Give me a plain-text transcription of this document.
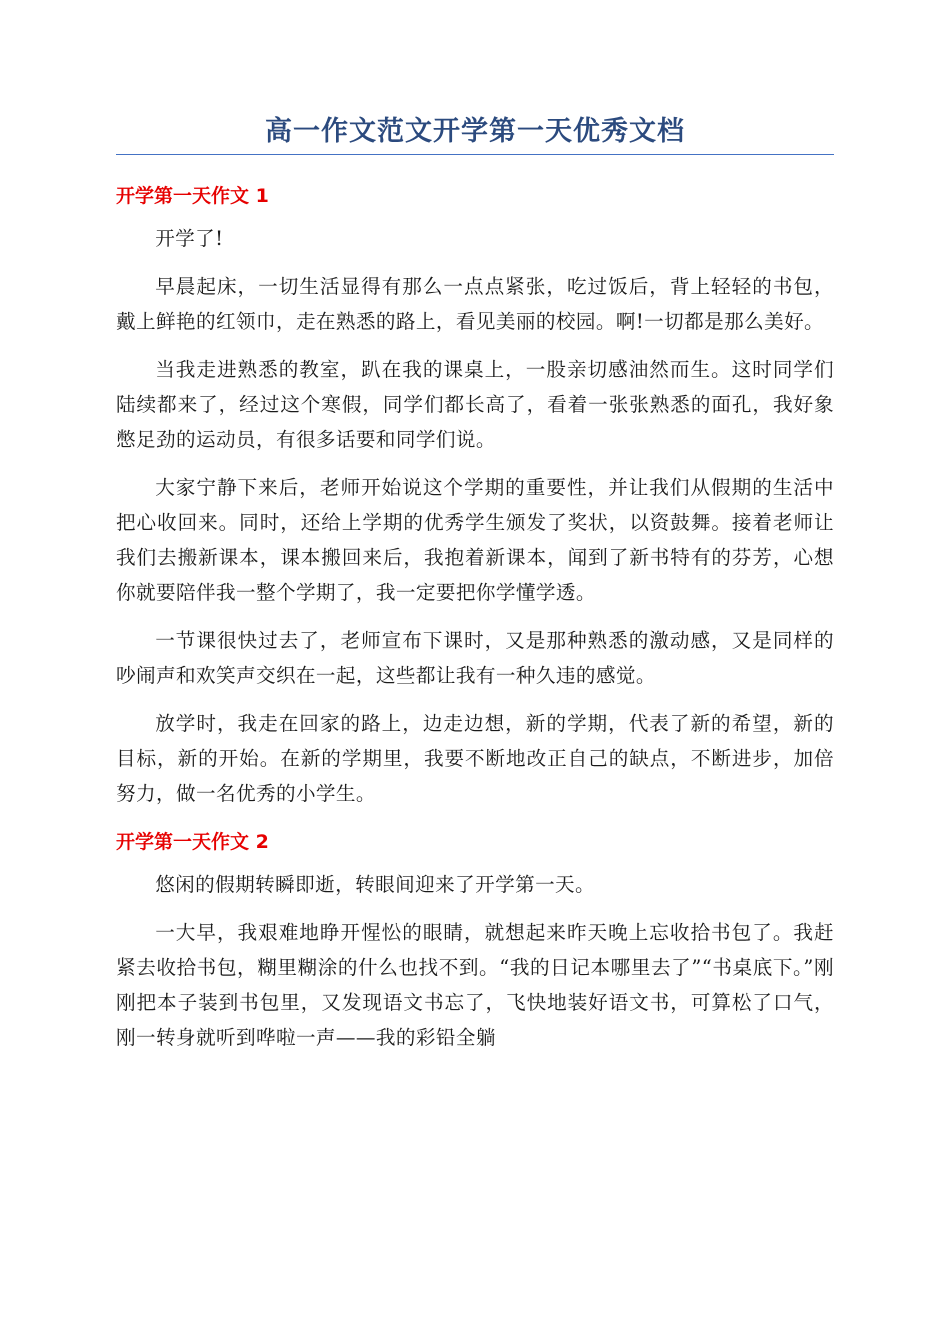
高一作文范文开学第一天优秀文档
开学第一天作文 1

开学了!

早晨起床，一切生活显得有那么一点点紧张，吃过饭后，背上轻轻的书包，戴上鲜艳的红领巾，走在熟悉的路上，看见美丽的校园。啊!一切都是那么美好。

当我走进熟悉的教室，趴在我的课桌上，一股亲切感油然而生。这时同学们陆续都来了，经过这个寒假，同学们都长高了，看着一张张熟悉的面孔，我好象憋足劲的运动员，有很多话要和同学们说。

大家宁静下来后，老师开始说这个学期的重要性，并让我们从假期的生活中把心收回来。同时，还给上学期的优秀学生颁发了奖状，以资鼓舞。接着老师让我们去搬新课本，课本搬回来后，我抱着新课本，闻到了新书特有的芬芳，心想你就要陪伴我一整个学期了，我一定要把你学懂学透。

一节课很快过去了，老师宣布下课时，又是那种熟悉的激动感，又是同样的吵闹声和欢笑声交织在一起，这些都让我有一种久违的感觉。

放学时，我走在回家的路上，边走边想，新的学期，代表了新的希望，新的目标，新的开始。在新的学期里，我要不断地改正自己的缺点，不断进步，加倍努力，做一名优秀的小学生。

开学第一天作文 2

悠闲的假期转瞬即逝，转眼间迎来了开学第一天。

一大早，我艰难地睁开惺忪的眼睛，就想起来昨天晚上忘收拾书包了。我赶紧去收拾书包，糊里糊涂的什么也找不到。“我的日记本哪里去了”“书桌底下。”刚刚把本子装到书包里，又发现语文书忘了，飞快地装好语文书，可算松了口气，刚一转身就听到哗啦一声——我的彩铅全躺
